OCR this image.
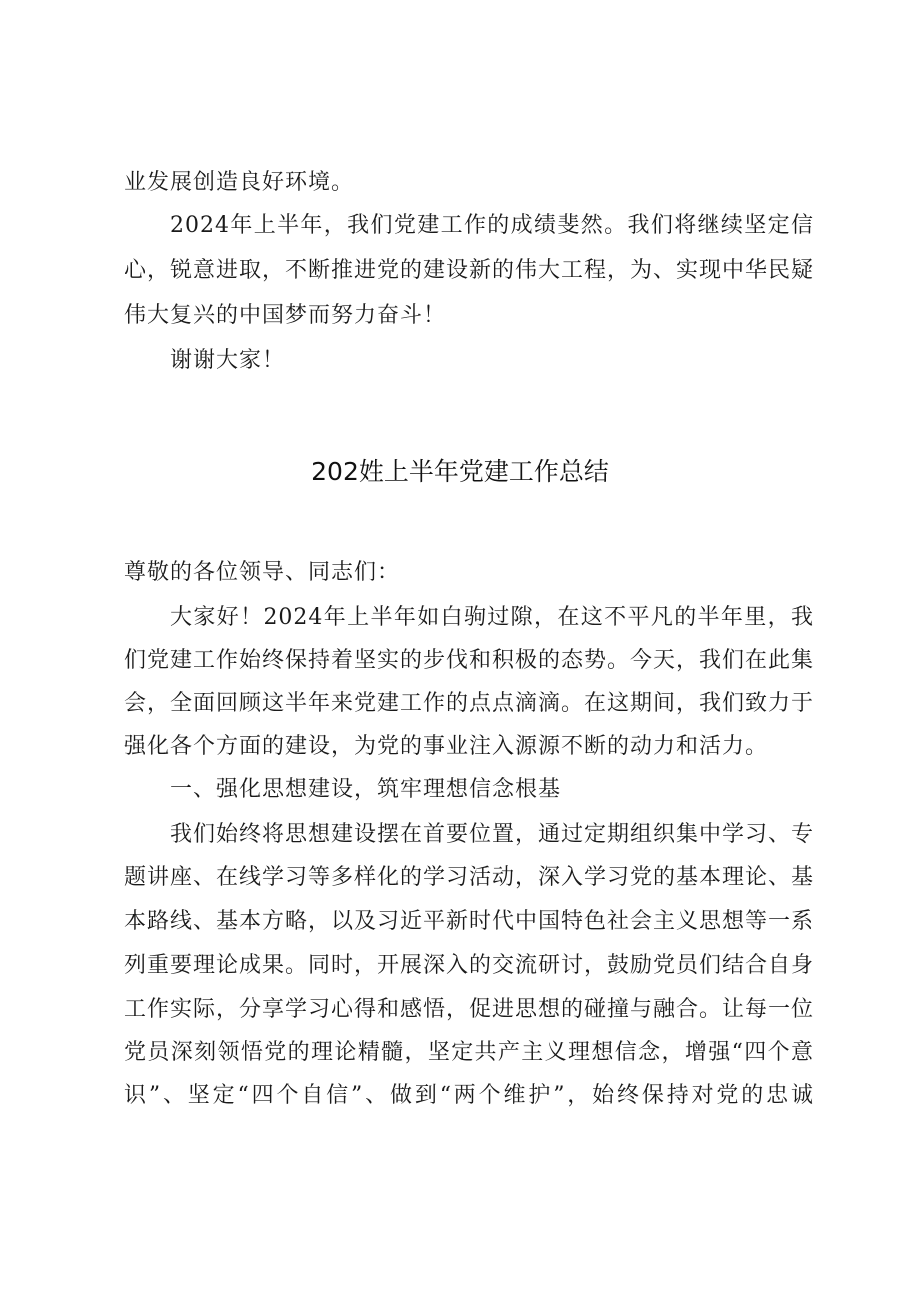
业发展创造良好环境。
2024年上半年，我们党建工作的成绩斐然。我们将继续坚定信
心，锐意进取，不断推进党的建设新的伟大工程，为、实现中华民疑
伟大复兴的中国梦而努力奋斗！
谢谢大家！
202姓上半年党建工作总结
尊敬的各位领导、同志们：
大家好！2024年上半年如白驹过隙，在这不平凡的半年里，我
们党建工作始终保持着坚实的步伐和积极的态势。今天，我们在此集
会，全面回顾这半年来党建工作的点点滴滴。在这期间，我们致力于
强化各个方面的建设，为党的事业注入源源不断的动力和活力。
一、强化思想建设，筑牢理想信念根基
我们始终将思想建设摆在首要位置，通过定期组织集中学习、专
题讲座、在线学习等多样化的学习活动，深入学习党的基本理论、基
本路线、基本方略，以及习近平新时代中国特色社会主义思想等一系
列重要理论成果。同时，开展深入的交流研讨，鼓励党员们结合自身
工作实际，分享学习心得和感悟，促进思想的碰撞与融合。让每一位
党员深刻领悟党的理论精髓，坚定共产主义理想信念，增强“四个意
识”、坚定“四个自信”、做到“两个维护”，始终保持对党的忠诚
